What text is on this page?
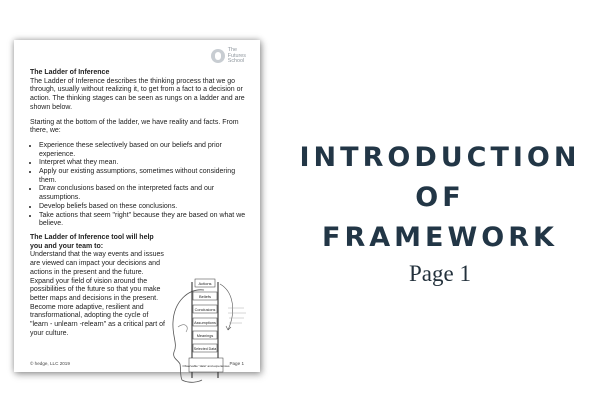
The
Futures
School
The Ladder of Inference

The Ladder of Inference describes the thinking process that we go through, usually without realizing it, to get from a fact to a decision or action. The thinking stages can be seen as rungs on a ladder and are shown below.

Starting at the bottom of the ladder, we have reality and facts. From there, we:

• Experience these selectively based on our beliefs and prior experience.
• Interpret what they mean.
• Apply our existing assumptions, sometimes without considering them.
• Draw conclusions based on the interpreted facts and our assumptions.
• Develop beliefs based on these conclusions.
• Take actions that seem "right" because they are based on what we believe.
The Ladder of Inference tool will help you and your team to:

Understand that the way events and issues are viewed can impact your decisions and actions in the present and the future.

Expand your field of vision around the possibilities of the future so that you make better maps and decisions in the present.

Become more adaptive, resilient and transformational, adopting the cycle of "learn - unlearn -relearn" as a critical part of your culture.

Actions
Beliefs
Conclusions
Assumptions
Meanings
Selected Data
Observable "data" and experiences
© hedge, LLC 2019	Page 1
INTRODUCTION
OF
FRAMEWORK
Page 1
